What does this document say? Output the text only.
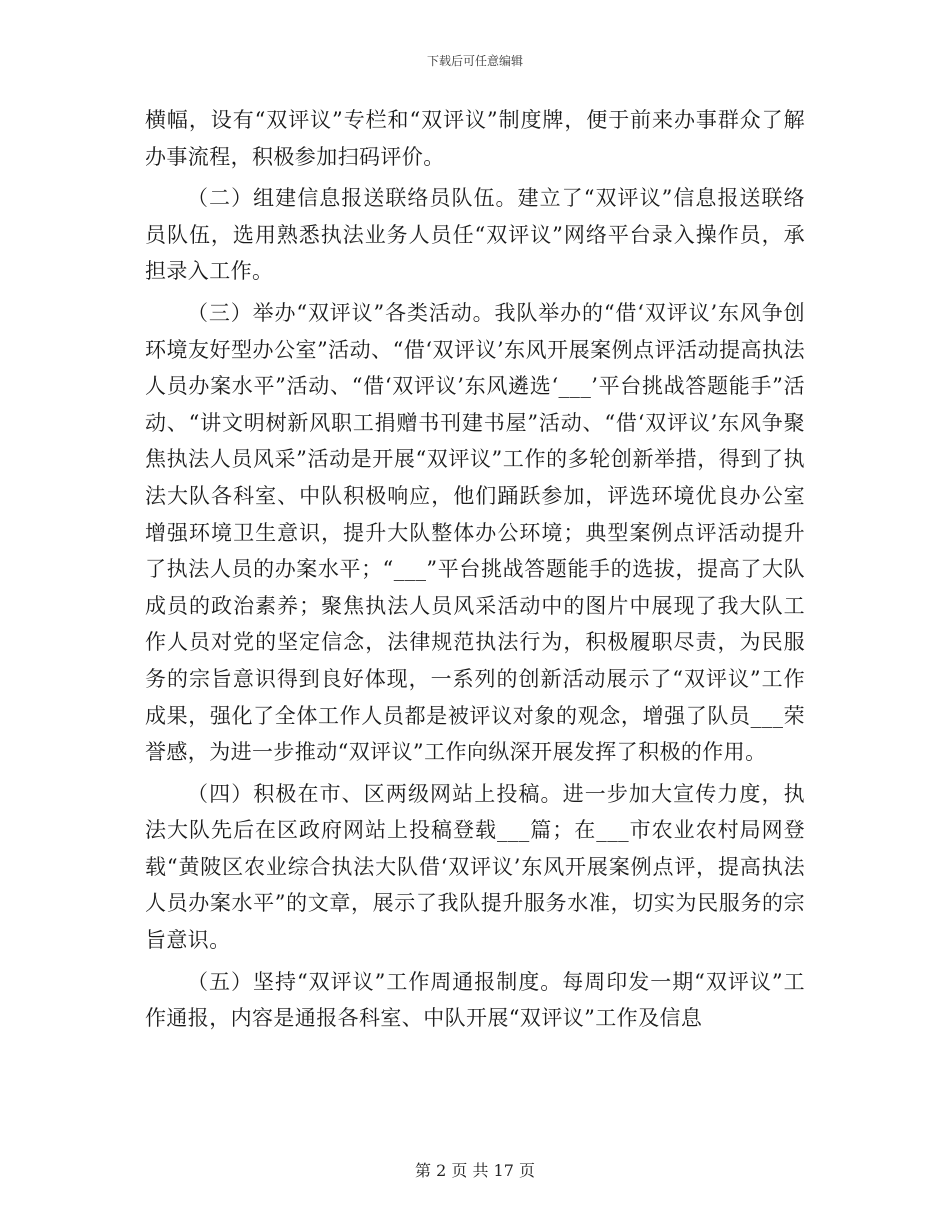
下载后可任意编辑

横幅，设有“双评议”专栏和“双评议”制度牌，便于前来办事群众了解办事流程，积极参加扫码评价。

（二）组建信息报送联络员队伍。建立了“双评议”信息报送联络员队伍，选用熟悉执法业务人员任“双评议”网络平台录入操作员，承担录入工作。

（三）举办“双评议”各类活动。我队举办的“借‘双评议’东风争创环境友好型办公室”活动、“借‘双评议’东风开展案例点评活动提高执法人员办案水平”活动、“借‘双评议’东风遴选‘___’平台挑战答题能手”活动、“讲文明树新风职工捐赠书刊建书屋”活动、“借‘双评议’东风争聚焦执法人员风采”活动是开展“双评议”工作的多轮创新举措，得到了执法大队各科室、中队积极响应，他们踊跃参加，评选环境优良办公室增强环境卫生意识，提升大队整体办公环境；典型案例点评活动提升了执法人员的办案水平；“___”平台挑战答题能手的选拔，提高了大队成员的政治素养；聚焦执法人员风采活动中的图片中展现了我大队工作人员对党的坚定信念，法律规范执法行为，积极履职尽责，为民服务的宗旨意识得到良好体现，一系列的创新活动展示了“双评议”工作成果，强化了全体工作人员都是被评议对象的观念，增强了队员___荣誉感，为进一步推动“双评议”工作向纵深开展发挥了积极的作用。

（四）积极在市、区两级网站上投稿。进一步加大宣传力度，执法大队先后在区政府网站上投稿登载___篇；在___市农业农村局网登载“黄陂区农业综合执法大队借‘双评议’东风开展案例点评，提高执法人员办案水平”的文章，展示了我队提升服务水准，切实为民服务的宗旨意识。

（五）坚持“双评议”工作周通报制度。每周印发一期“双评议”工作通报，内容是通报各科室、中队开展“双评议”工作及信息

第 2 页 共 17 页
